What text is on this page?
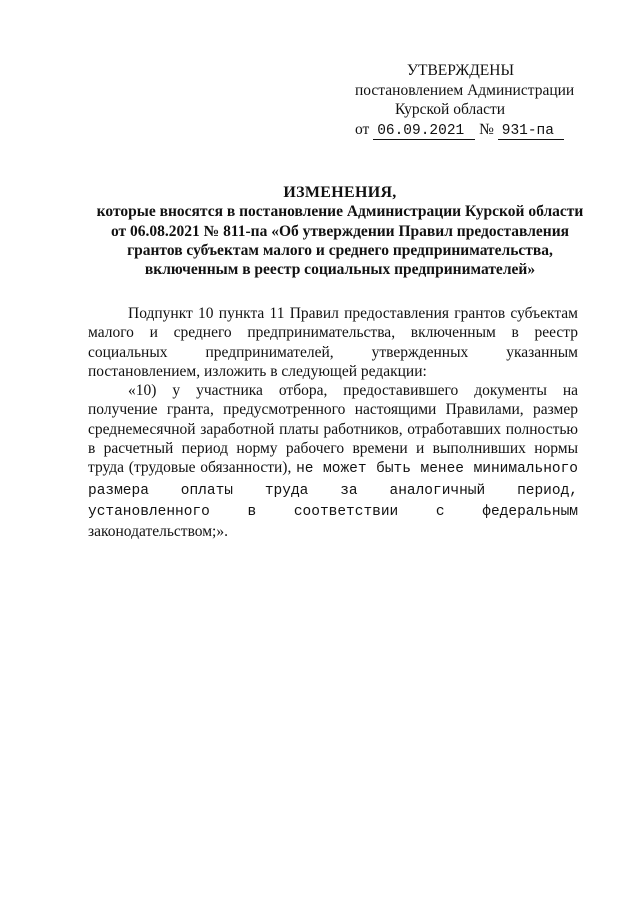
УТВЕРЖДЕНЫ
постановлением Администрации
Курской области
от 06.09.2021 № 931-па
ИЗМЕНЕНИЯ,
которые вносятся в постановление Администрации Курской области
от 06.08.2021 № 811-па «Об утверждении Правил предоставления
грантов субъектам малого и среднего предпринимательства,
включенным в реестр социальных предпринимателей»

Подпункт 10 пункта 11 Правил предоставления грантов субъектам малого и среднего предпринимательства, включенным в реестр социальных предпринимателей, утвержденных указанным постановлением, изложить в следующей редакции:

«10) у участника отбора, предоставившего документы на получение гранта, предусмотренного настоящими Правилами, размер среднемесячной заработной платы работников, отработавших полностью в расчетный период норму рабочего времени и выполнивших нормы труда (трудовые обязанности), не может быть менее минимального размера оплаты труда за аналогичный период, установленного в соответствии с федеральным законодательством;».
